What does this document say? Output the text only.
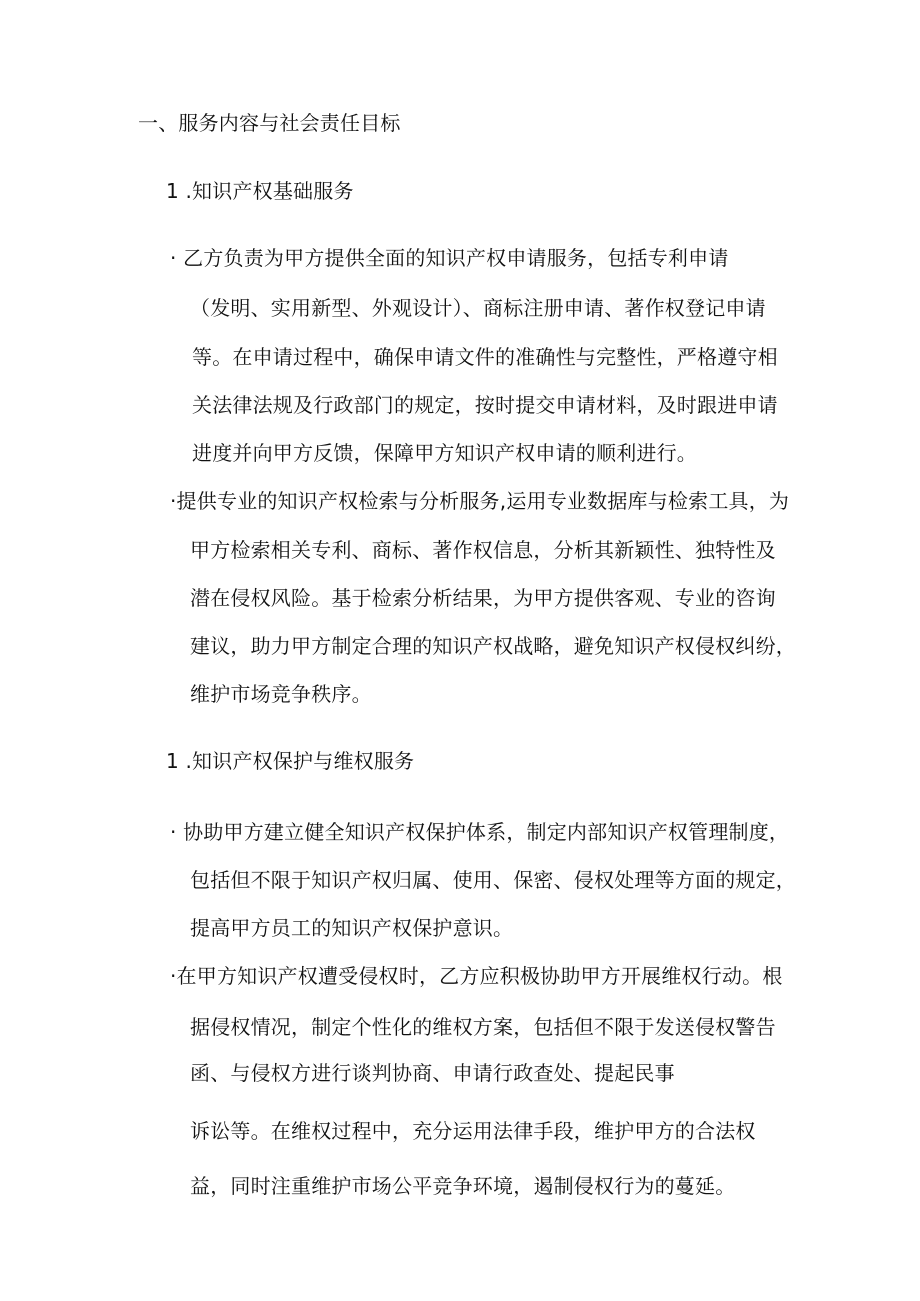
一、服务内容与社会责任目标
1 .知识产权基础服务
· 乙方负责为甲方提供全面的知识产权申请服务，包括专利申请
（发明、实用新型、外观设计）、商标注册申请、著作权登记申请
等。在申请过程中，确保申请文件的准确性与完整性，严格遵守相
关法律法规及行政部门的规定，按时提交申请材料，及时跟进申请
进度并向甲方反馈，保障甲方知识产权申请的顺利进行。
·提供专业的知识产权检索与分析服务,运用专业数据库与检索工具，为
甲方检索相关专利、商标、著作权信息，分析其新颖性、独特性及
潜在侵权风险。基于检索分析结果，为甲方提供客观、专业的咨询
建议，助力甲方制定合理的知识产权战略，避免知识产权侵权纠纷，
维护市场竞争秩序。
1 .知识产权保护与维权服务
· 协助甲方建立健全知识产权保护体系，制定内部知识产权管理制度，
包括但不限于知识产权归属、使用、保密、侵权处理等方面的规定，
提高甲方员工的知识产权保护意识。
·在甲方知识产权遭受侵权时，乙方应积极协助甲方开展维权行动。根
据侵权情况，制定个性化的维权方案，包括但不限于发送侵权警告
函、与侵权方进行谈判协商、申请行政查处、提起民事
诉讼等。在维权过程中，充分运用法律手段，维护甲方的合法权
益，同时注重维护市场公平竞争环境，遏制侵权行为的蔓延。
